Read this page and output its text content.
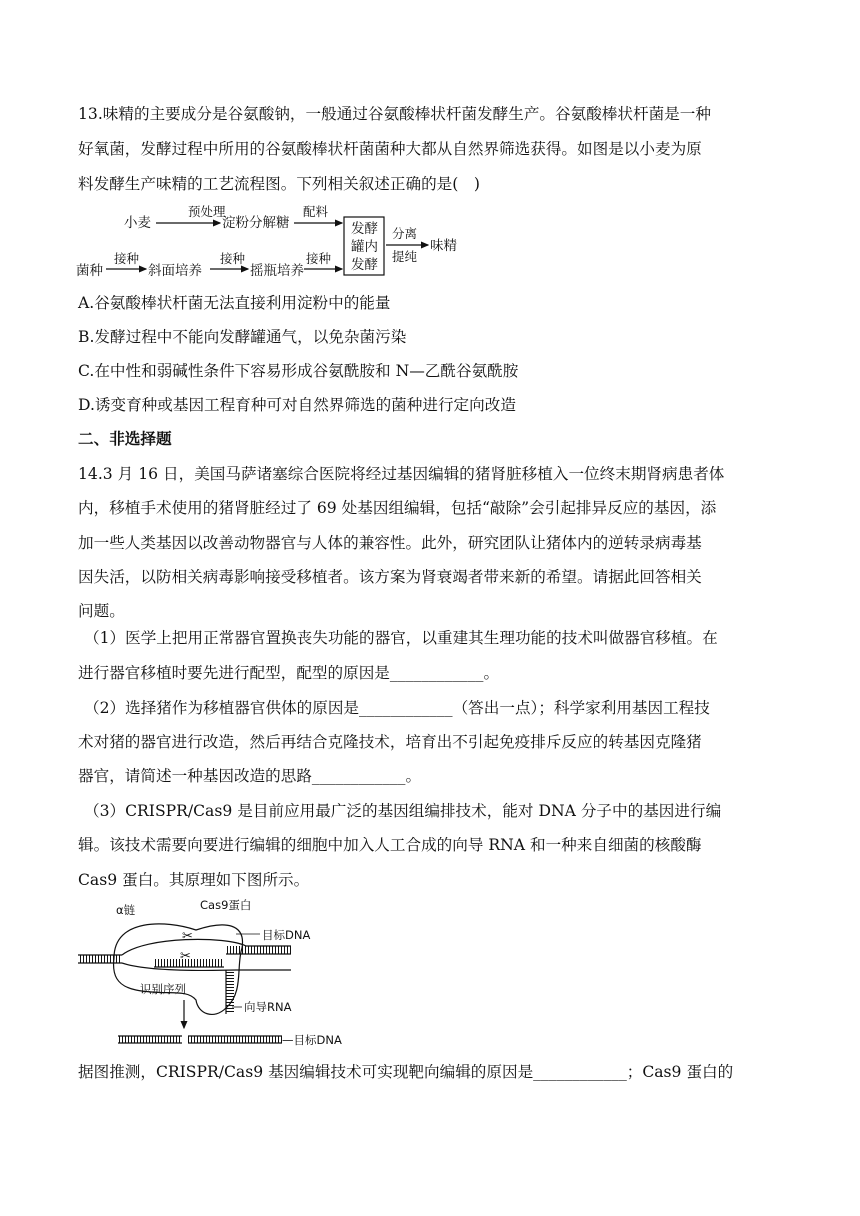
13.味精的主要成分是谷氨酸钠，一般通过谷氨酸棒状杆菌发酵生产。谷氨酸棒状杆菌是一种
好氧菌，发酵过程中所用的谷氨酸棒状杆菌菌种大都从自然界筛选获得。如图是以小麦为原
料发酵生产味精的工艺流程图。下列相关叙述正确的是(　)
小麦
预处理
淀粉分解糖
配料
发酵
罐内
发酵
分离
提纯
味精
菌种
接种
斜面培养
接种
摇瓶培养
接种
A.谷氨酸棒状杆菌无法直接利用淀粉中的能量
B.发酵过程中不能向发酵罐通气，以免杂菌污染
C.在中性和弱碱性条件下容易形成谷氨酰胺和 N—乙酰谷氨酰胺
D.诱变育种或基因工程育种可对自然界筛选的菌种进行定向改造
二、非选择题
14.3 月 16 日，美国马萨诸塞综合医院将经过基因编辑的猪肾脏移植入一位终末期肾病患者体
内，移植手术使用的猪肾脏经过了 69 处基因组编辑，包括“敲除”会引起排异反应的基因，添
加一些人类基因以改善动物器官与人体的兼容性。此外，研究团队让猪体内的逆转录病毒基
因失活，以防相关病毒影响接受移植者。该方案为肾衰竭者带来新的希望。请据此回答相关
问题。
（1）医学上把用正常器官置换丧失功能的器官，以重建其生理功能的技术叫做器官移植。在
进行器官移植时要先进行配型，配型的原因是____________。
（2）选择猪作为移植器官供体的原因是____________（答出一点）；科学家利用基因工程技
术对猪的器官进行改造，然后再结合克隆技术，培育出不引起免疫排斥反应的转基因克隆猪
器官，请简述一种基因改造的思路____________。
（3）CRISPR/Cas9 是目前应用最广泛的基因组编排技术，能对 DNA 分子中的基因进行编
辑。该技术需要向要进行编辑的细胞中加入人工合成的向导 RNA 和一种来自细菌的核酸酶
Cas9 蛋白。其原理如下图所示。
α链	Cas9蛋白
目标DNA
✂
✂
识别序列
向导RNA
—目标DNA
据图推测，CRISPR/Cas9 基因编辑技术可实现靶向编辑的原因是____________；Cas9 蛋白的
